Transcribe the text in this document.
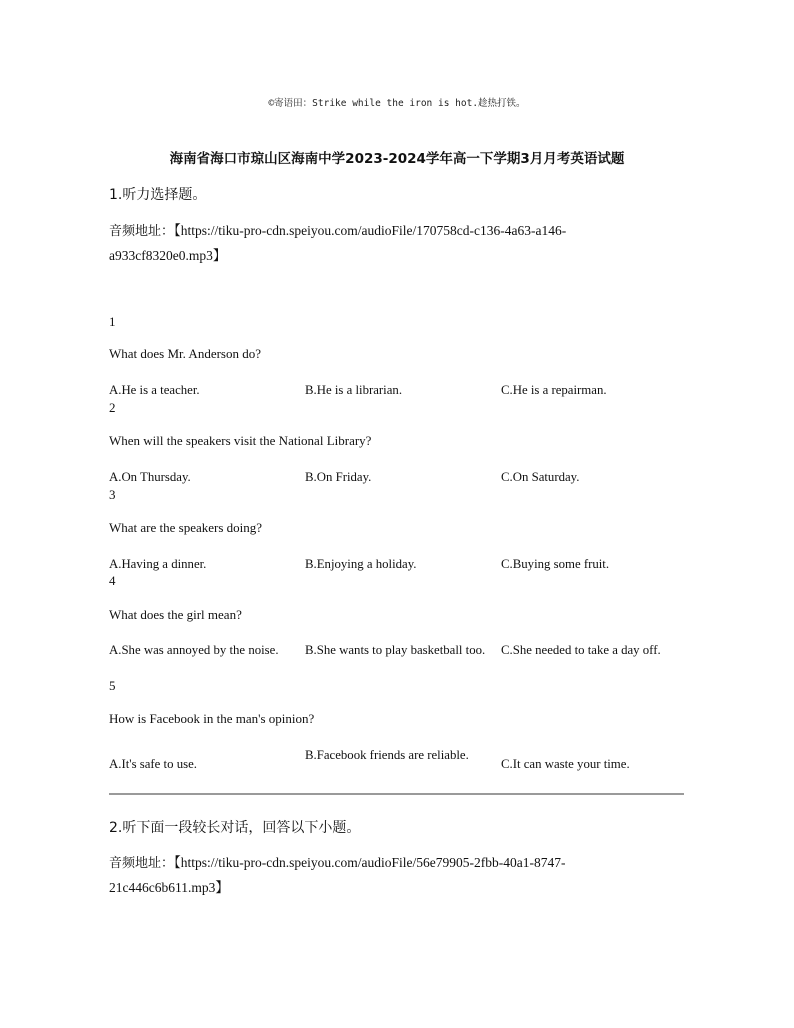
©寄语田：Strike while the iron is hot.趁热打铁。
海南省海口市琼山区海南中学2023-2024学年高一下学期3月月考英语试题
1.听力选择题。
音频地址：【https://tiku-pro-cdn.speiyou.com/audioFile/170758cd-c136-4a63-a146-a933cf8320e0.mp3】
1
What does Mr. Anderson do?
A.He is a teacher.	B.He is a librarian.	C.He is a repairman.
2
When will the speakers visit the National Library?
A.On Thursday.	B.On Friday.	C.On Saturday.
3
What are the speakers doing?
A.Having a dinner.	B.Enjoying a holiday.	C.Buying some fruit.
4
What does the girl mean?
A.She was annoyed by the noise.	B.She wants to play basketball too.	C.She needed to take a day off.
5
How is Facebook in the man's opinion?
A.It's safe to use.
B.Facebook friends are reliable.
C.It can waste your time.
2.听下面一段较长对话，回答以下小题。
音频地址：【https://tiku-pro-cdn.speiyou.com/audioFile/56e79905-2fbb-40a1-8747-21c446c6b611.mp3】
